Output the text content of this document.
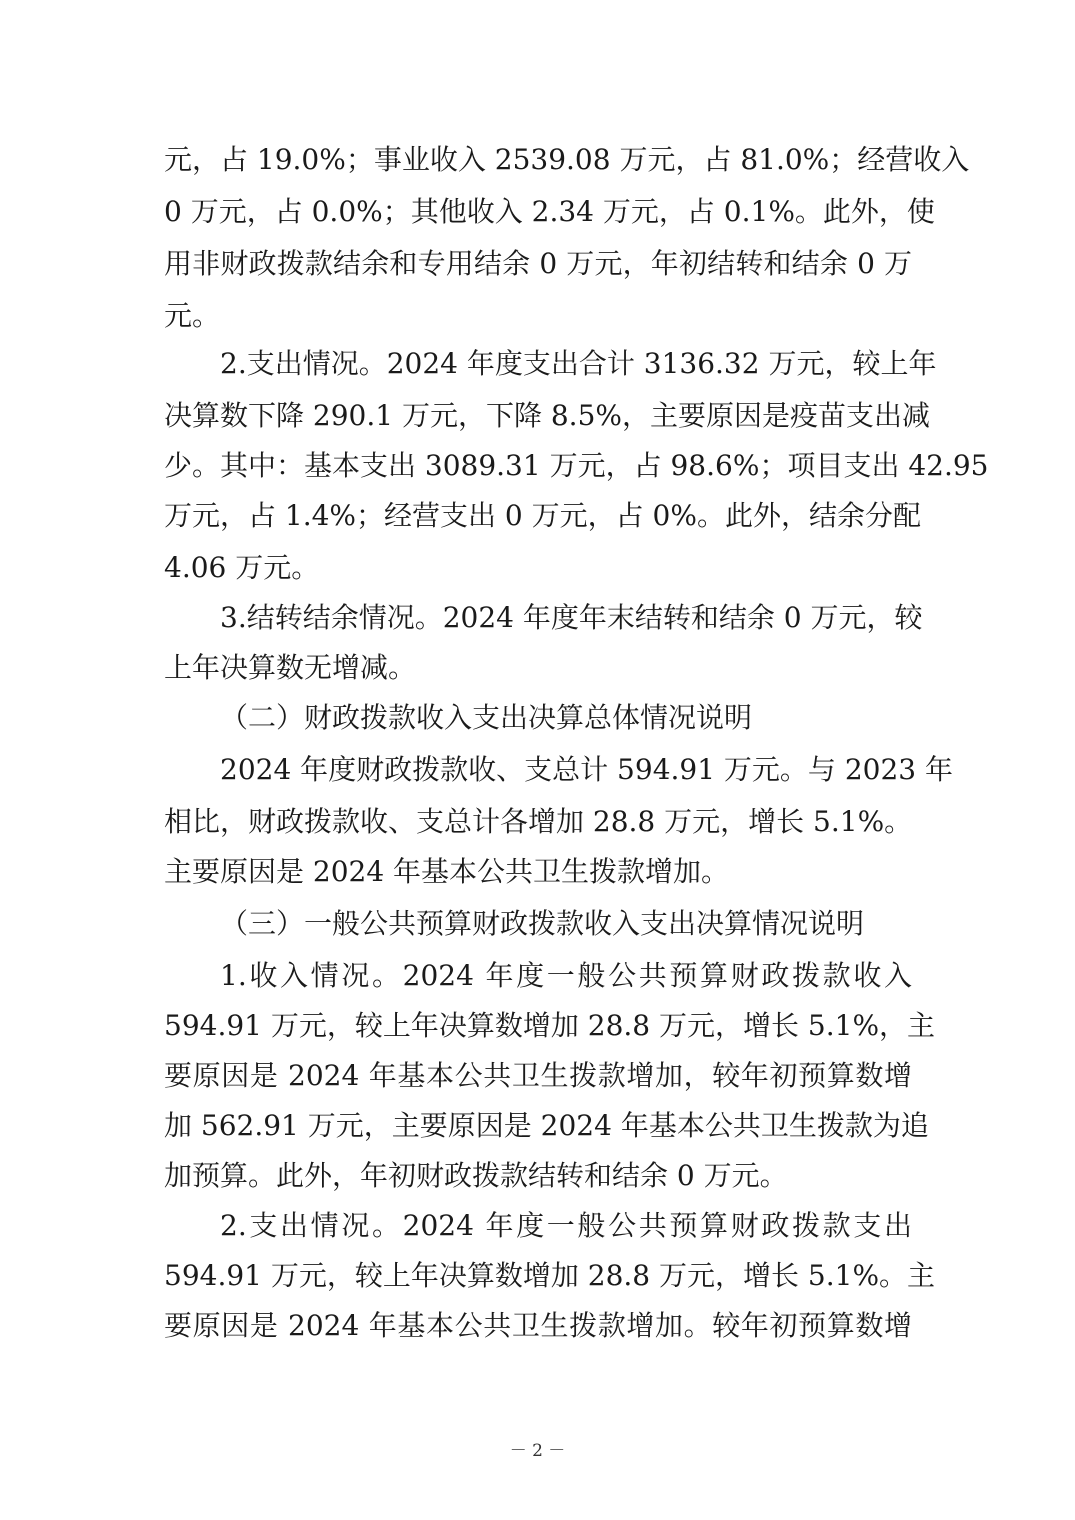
元，占 19.0%；事业收入 2539.08 万元，占 81.0%；经营收入
0 万元，占 0.0%；其他收入 2.34 万元，占 0.1%。此外，使
用非财政拨款结余和专用结余 0 万元，年初结转和结余 0 万
元。
2.支出情况。2024 年度支出合计 3136.32 万元，较上年
决算数下降 290.1 万元，下降 8.5%，主要原因是疫苗支出减
少。其中：基本支出 3089.31 万元，占 98.6%；项目支出 42.95
万元，占 1.4%；经营支出 0 万元，占 0%。此外，结余分配
4.06 万元。
3.结转结余情况。2024 年度年末结转和结余 0 万元，较
上年决算数无增减。
（二）财政拨款收入支出决算总体情况说明
2024 年度财政拨款收、支总计 594.91 万元。与 2023 年
相比，财政拨款收、支总计各增加 28.8 万元，增长 5.1%。
主要原因是 2024 年基本公共卫生拨款增加。
（三）一般公共预算财政拨款收入支出决算情况说明
1.收入情况。2024 年度一般公共预算财政拨款收入
594.91 万元，较上年决算数增加 28.8 万元，增长 5.1%，主
要原因是 2024 年基本公共卫生拨款增加，较年初预算数增
加 562.91 万元，主要原因是 2024 年基本公共卫生拨款为追
加预算。此外，年初财政拨款结转和结余 0 万元。
2.支出情况。2024 年度一般公共预算财政拨款支出
594.91 万元，较上年决算数增加 28.8 万元，增长 5.1%。主
要原因是 2024 年基本公共卫生拨款增加。较年初预算数增
－ 2 －
